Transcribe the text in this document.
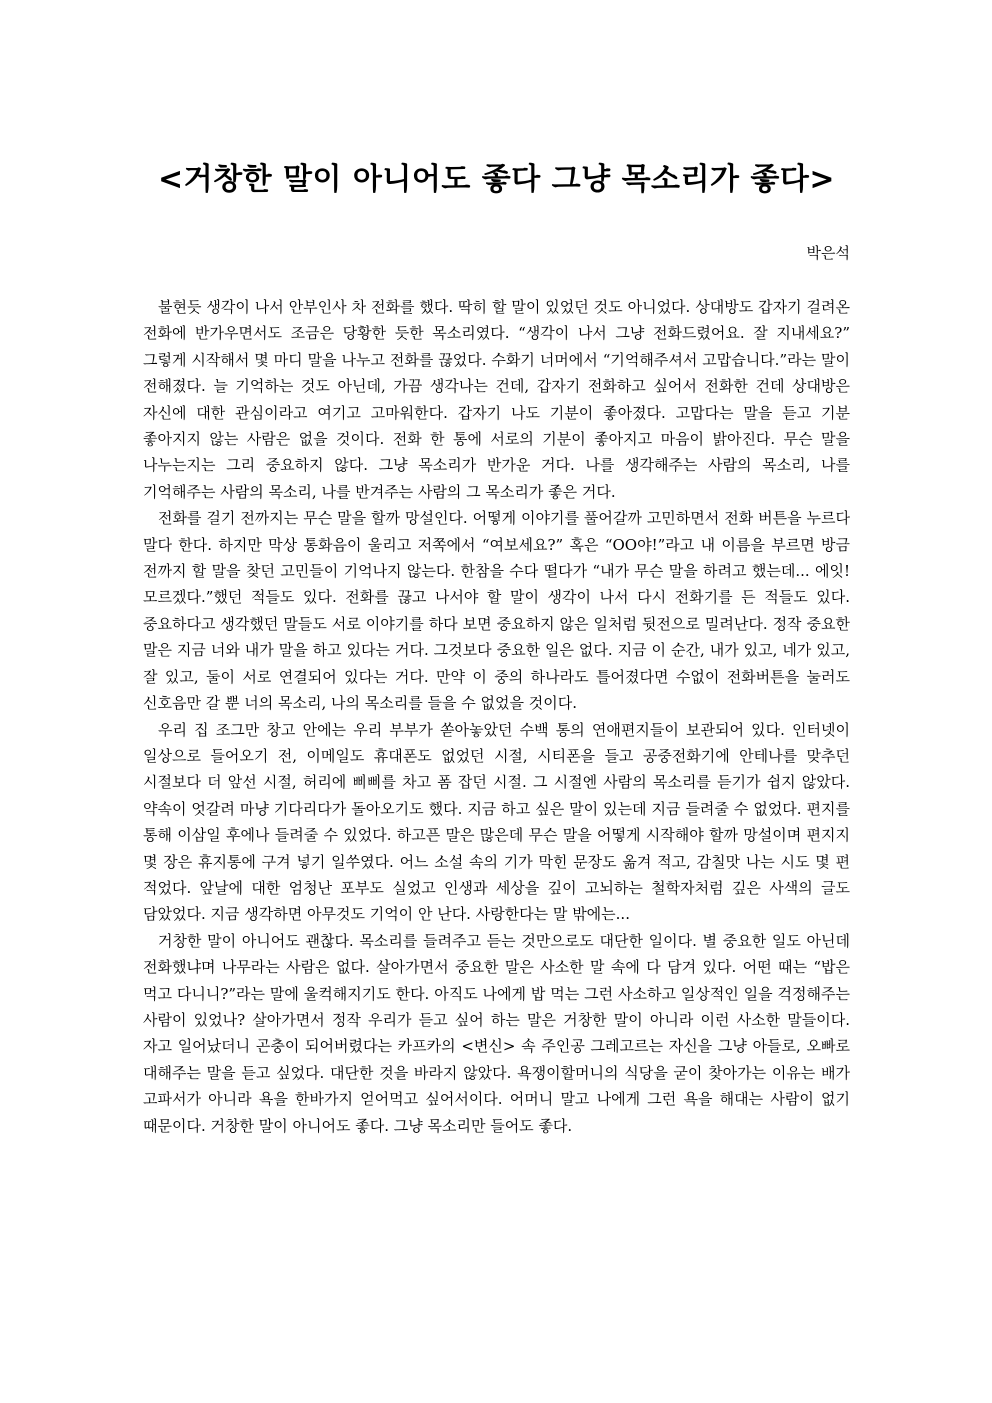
<거창한 말이 아니어도 좋다 그냥 목소리가 좋다>
박은석

불현듯 생각이 나서 안부인사 차 전화를 했다. 딱히 할 말이 있었던 것도 아니었다. 상대방도 갑자기 걸려온 전화에 반가우면서도 조금은 당황한 듯한 목소리였다. “생각이 나서 그냥 전화드렸어요. 잘 지내세요?” 그렇게 시작해서 몇 마디 말을 나누고 전화를 끊었다. 수화기 너머에서 “기억해주셔서 고맙습니다.”라는 말이 전해졌다. 늘 기억하는 것도 아닌데, 가끔 생각나는 건데, 갑자기 전화하고 싶어서 전화한 건데 상대방은 자신에 대한 관심이라고 여기고 고마워한다. 갑자기 나도 기분이 좋아졌다. 고맙다는 말을 듣고 기분 좋아지지 않는 사람은 없을 것이다. 전화 한 통에 서로의 기분이 좋아지고 마음이 밝아진다. 무슨 말을 나누는지는 그리 중요하지 않다. 그냥 목소리가 반가운 거다. 나를 생각해주는 사람의 목소리, 나를 기억해주는 사람의 목소리, 나를 반겨주는 사람의 그 목소리가 좋은 거다.

전화를 걸기 전까지는 무슨 말을 할까 망설인다. 어떻게 이야기를 풀어갈까 고민하면서 전화 버튼을 누르다 말다 한다. 하지만 막상 통화음이 울리고 저쪽에서 “여보세요?” 혹은 “OO야!”라고 내 이름을 부르면 방금 전까지 할 말을 찾던 고민들이 기억나지 않는다. 한참을 수다 떨다가 “내가 무슨 말을 하려고 했는데... 에잇! 모르겠다.”했던 적들도 있다. 전화를 끊고 나서야 할 말이 생각이 나서 다시 전화기를 든 적들도 있다. 중요하다고 생각했던 말들도 서로 이야기를 하다 보면 중요하지 않은 일처럼 뒷전으로 밀려난다. 정작 중요한 말은 지금 너와 내가 말을 하고 있다는 거다. 그것보다 중요한 일은 없다. 지금 이 순간, 내가 있고, 네가 있고, 잘 있고, 둘이 서로 연결되어 있다는 거다. 만약 이 중의 하나라도 틀어졌다면 수없이 전화버튼을 눌러도 신호음만 갈 뿐 너의 목소리, 나의 목소리를 들을 수 없었을 것이다.

우리 집 조그만 창고 안에는 우리 부부가 쏟아놓았던 수백 통의 연애편지들이 보관되어 있다. 인터넷이 일상으로 들어오기 전, 이메일도 휴대폰도 없었던 시절, 시티폰을 들고 공중전화기에 안테나를 맞추던 시절보다 더 앞선 시절, 허리에 삐삐를 차고 폼 잡던 시절. 그 시절엔 사람의 목소리를 듣기가 쉽지 않았다. 약속이 엇갈려 마냥 기다리다가 돌아오기도 했다. 지금 하고 싶은 말이 있는데 지금 들려줄 수 없었다. 편지를 통해 이삼일 후에나 들려줄 수 있었다. 하고픈 말은 많은데 무슨 말을 어떻게 시작해야 할까 망설이며 편지지 몇 장은 휴지통에 구겨 넣기 일쑤였다. 어느 소설 속의 기가 막힌 문장도 옮겨 적고, 감칠맛 나는 시도 몇 편 적었다. 앞날에 대한 엄청난 포부도 실었고 인생과 세상을 깊이 고뇌하는 철학자처럼 깊은 사색의 글도 담았었다. 지금 생각하면 아무것도 기억이 안 난다. 사랑한다는 말 밖에는...

거창한 말이 아니어도 괜찮다. 목소리를 들려주고 듣는 것만으로도 대단한 일이다. 별 중요한 일도 아닌데 전화했냐며 나무라는 사람은 없다. 살아가면서 중요한 말은 사소한 말 속에 다 담겨 있다. 어떤 때는 “밥은 먹고 다니니?”라는 말에 울컥해지기도 한다. 아직도 나에게 밥 먹는 그런 사소하고 일상적인 일을 걱정해주는 사람이 있었나? 살아가면서 정작 우리가 듣고 싶어 하는 말은 거창한 말이 아니라 이런 사소한 말들이다. 자고 일어났더니 곤충이 되어버렸다는 카프카의 <변신> 속 주인공 그레고르는 자신을 그냥 아들로, 오빠로 대해주는 말을 듣고 싶었다. 대단한 것을 바라지 않았다. 욕쟁이할머니의 식당을 굳이 찾아가는 이유는 배가 고파서가 아니라 욕을 한바가지 얻어먹고 싶어서이다. 어머니 말고 나에게 그런 욕을 해대는 사람이 없기 때문이다. 거창한 말이 아니어도 좋다. 그냥 목소리만 들어도 좋다.
